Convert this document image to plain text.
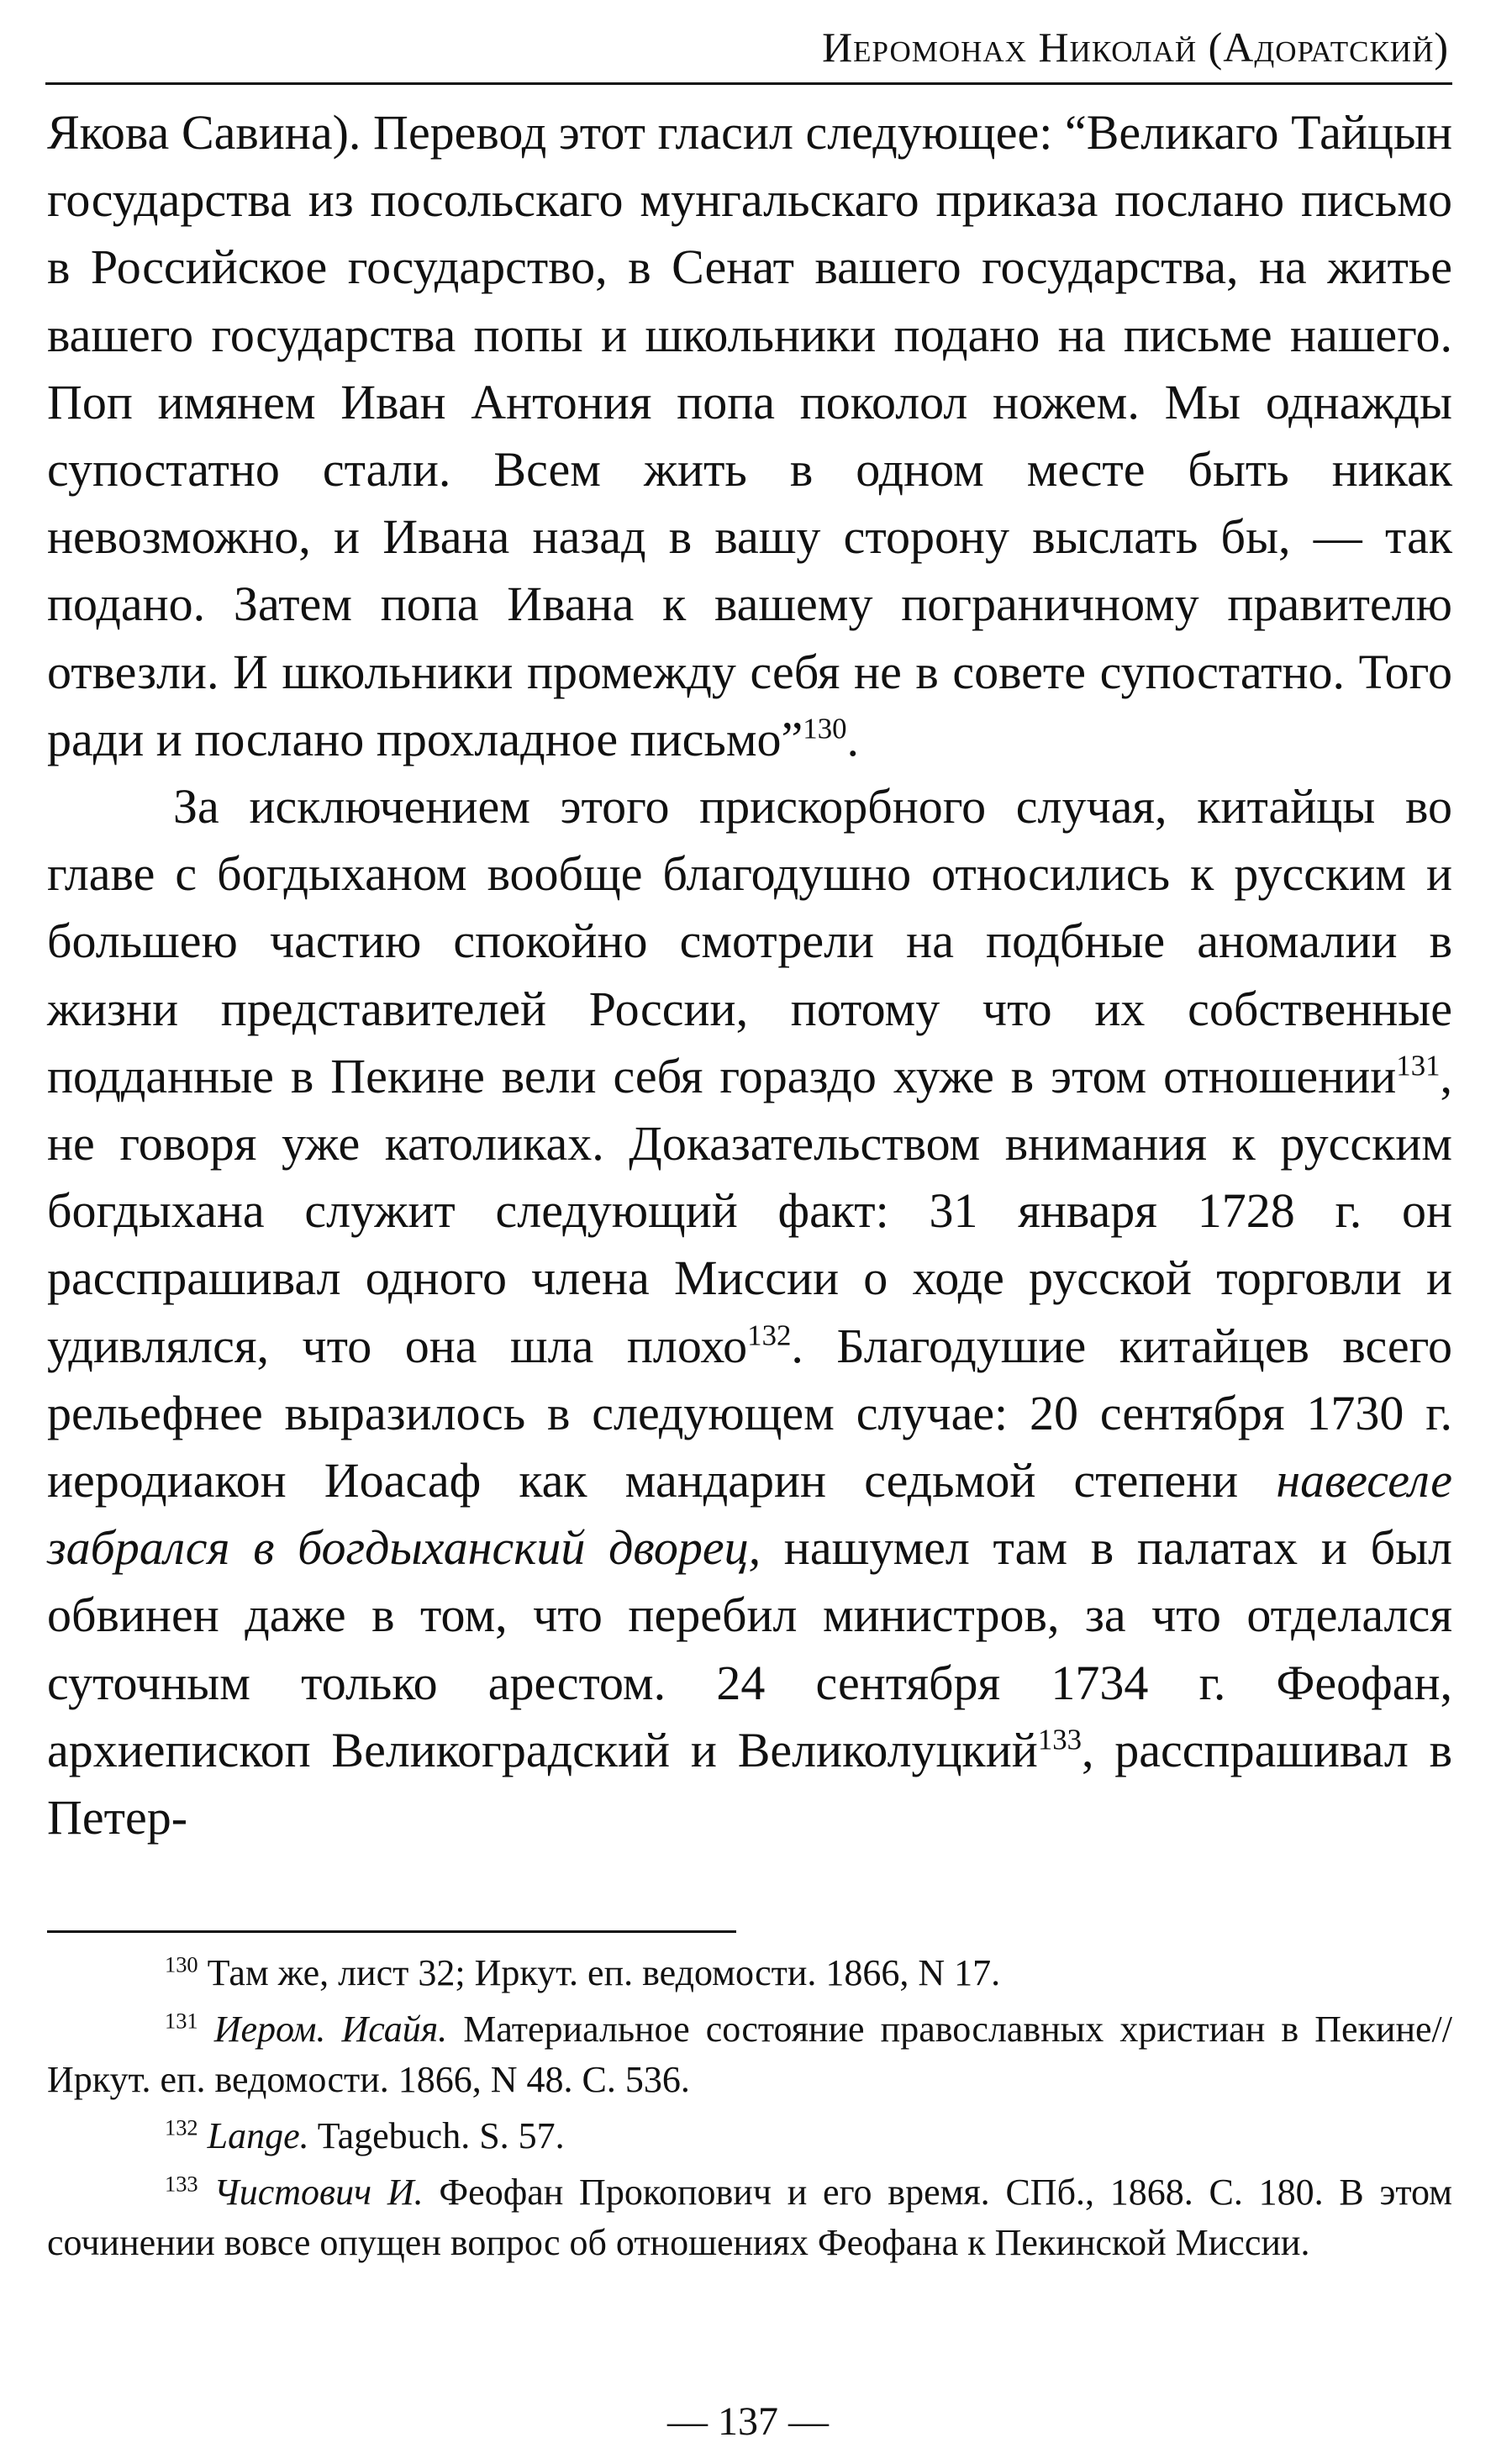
Иеромонах Николай (Адоратский)

Якова Савина). Перевод этот гласил следующее: “Великаго Тайцын государства из посольскаго мунгальскаго приказа послано письмо в Российское государство, в Сенат вашего государства, на житье вашего государства попы и школьники подано на письме нашего. Поп имянем Иван Антония попа поколол ножем. Мы однажды супостатно стали. Всем жить в одном месте быть никак невозможно, и Ивана назад в вашу сторону выслать бы, — так подано. Затем попа Ивана к вашему пограничному правителю отвезли. И школьники промежду себя не в совете супостатно. Того ради и послано прохладное письмо”$^{130}$.

За исключением этого прискорбного случая, китайцы во главе с богдыханом вообще благодушно относились к русским и большею частию спокойно смотрели на подбные аномалии в жизни представителей России, потому что их собственные подданные в Пекине вели себя гораздо хуже в этом отношении$^{131}$, не говоря уже католиках. Доказательством внимания к русским богдыхана служит следующий факт: 31 января 1728 г. он расспрашивал одного члена Миссии о ходе русской торговли и удивлялся, что она шла плохо$^{132}$. Благодушие китайцев всего рельефнее выразилось в следующем случае: 20 сентября 1730 г. иеродиакон Иоасаф как мандарин седьмой степени навеселе забрался в богдыханский дворец, нашумел там в палатах и был обвинен даже в том, что перебил министров, за что отделался суточным только арестом. 24 сентября 1734 г. Феофан, архиепископ Великоградский и Великолуцкий$^{133}$, расспрашивал в Петер-

$^{130}$ Там же, лист 32; Иркут. еп. ведомости. 1866, N 17.

$^{131}$ Иером. Исайя. Материальное состояние православных христиан в Пекине//Иркут. еп. ведомости. 1866, N 48. С. 536.

$^{132}$ Lange. Tagebuch. S. 57.

$^{133}$ Чистович И. Феофан Прокопович и его время. СПб., 1868. С. 180. В этом сочинении вовсе опущен вопрос об отношениях Феофана к Пекинской Миссии.

— 137 —
